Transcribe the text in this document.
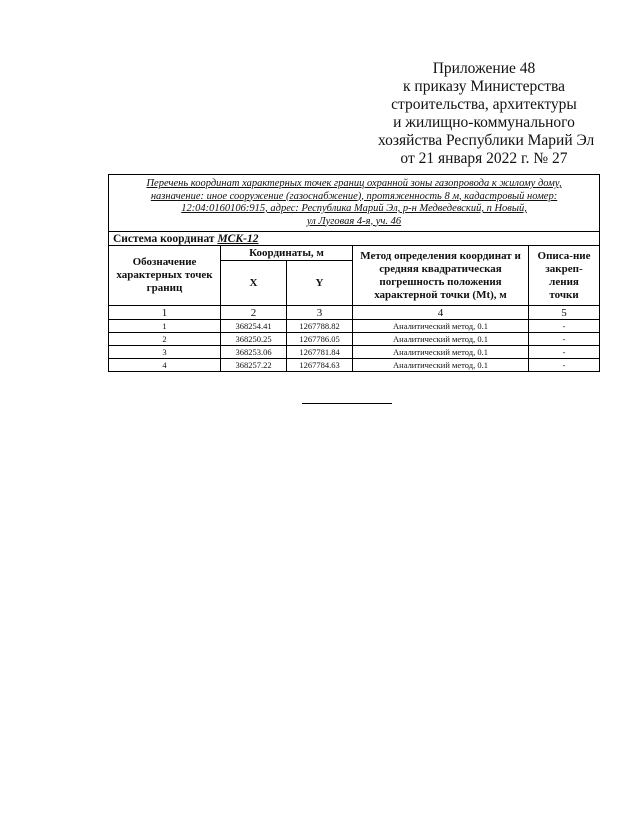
Приложение 48
к приказу Министерства
строительства, архитектуры
и жилищно-коммунального
хозяйства Республики Марий Эл
от 21 января 2022 г. № 27
Перечень координат характерных точек границ охранной зоны газопровода к жилому дому,
назначение: иное сооружение (газоснабжение), протяженность 8 м, кадастровый номер:
12:04:0160106:915, адрес: Республика Марий Эл, р-н Медведевский, п Новый,
ул Луговая 4-я, уч. 46				

Система координат МСК-12				
Обозначение характерных точек границ	Координаты, м		Метод определения координат и средняя квадратическая погрешность положения характерной точки (Mt), м	Описа-ние закреп-ления точки
	X	Y		
1	2	3	4	5
1	368254.41	1267788.82	Аналитический метод, 0.1	-
2	368250.25	1267786.05	Аналитический метод, 0.1	-
3	368253.06	1267781.84	Аналитический метод, 0.1	-
4	368257.22	1267784.63	Аналитический метод, 0.1	-
